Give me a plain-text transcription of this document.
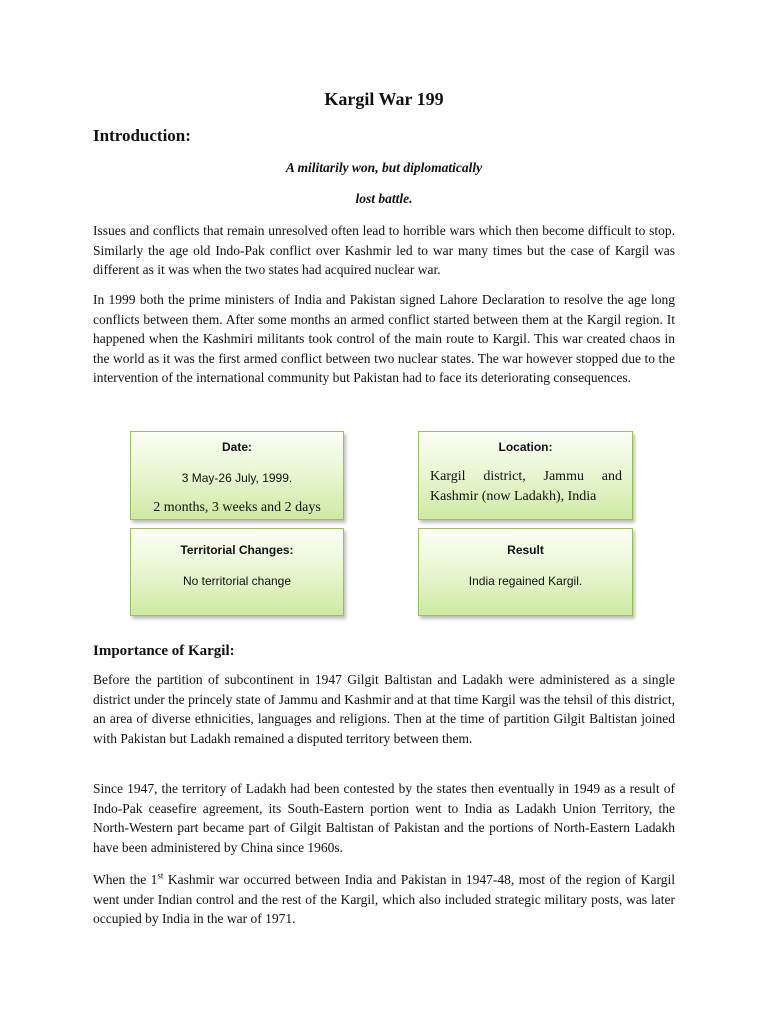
Kargil War 199
Introduction:
A militarily won, but diplomatically
lost battle.
Issues and conflicts that remain unresolved often lead to horrible wars which then become difficult to stop. Similarly the age old Indo-Pak conflict over Kashmir led to war many times but the case of Kargil was different as it was when the two states had acquired nuclear war.
In 1999 both the prime ministers of India and Pakistan signed Lahore Declaration to resolve the age long conflicts between them. After some months an armed conflict started between them at the Kargil region. It happened when the Kashmiri militants took control of the main route to Kargil. This war created chaos in the world as it was the first armed conflict between two nuclear states. The war however stopped due to the intervention of the international community but Pakistan had to face its deteriorating consequences.
Date:
3 May-26 July, 1999.
2 months, 3 weeks and 2 days
Location:
Kargil district, Jammu and Kashmir (now Ladakh), India
Territorial Changes:
No territorial change
Result
India regained Kargil.
Importance of Kargil:
Before the partition of subcontinent in 1947 Gilgit Baltistan and Ladakh were administered as a single district under the princely state of Jammu and Kashmir and at that time Kargil was the tehsil of this district, an area of diverse ethnicities, languages and religions. Then at the time of partition Gilgit Baltistan joined with Pakistan but Ladakh remained a disputed territory between them.
Since 1947, the territory of Ladakh had been contested by the states then eventually in 1949 as a result of Indo-Pak ceasefire agreement, its South-Eastern portion went to India as Ladakh Union Territory, the North-Western part became part of Gilgit Baltistan of Pakistan and the portions of North-Eastern Ladakh have been administered by China since 1960s.
When the 1st Kashmir war occurred between India and Pakistan in 1947-48, most of the region of Kargil went under Indian control and the rest of the Kargil, which also included strategic military posts, was later occupied by India in the war of 1971.
